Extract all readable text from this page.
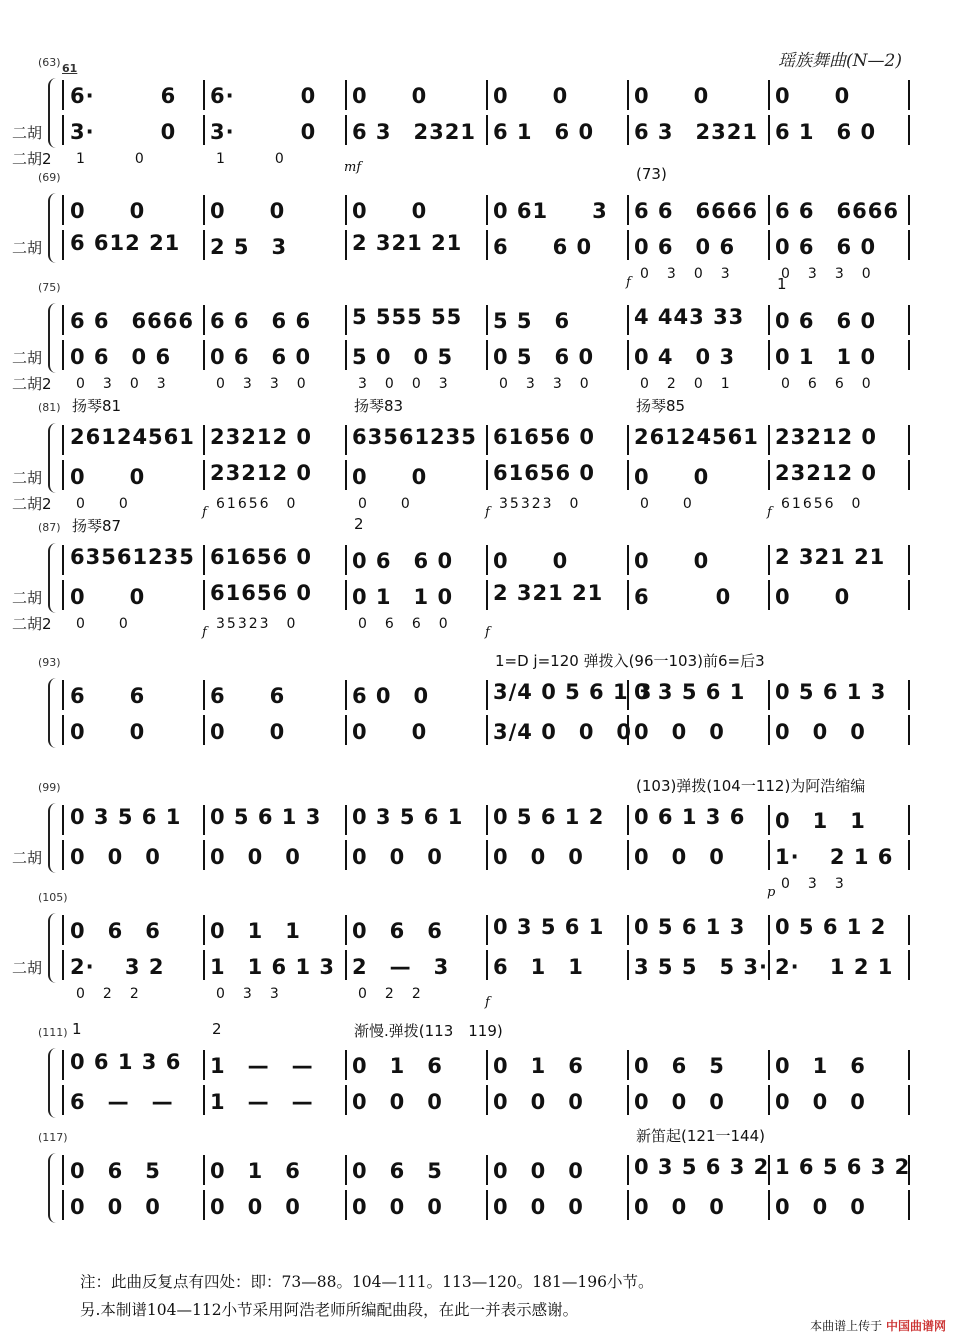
瑶族舞曲(N—2)
(63) 61
二胡
二胡2
6·　　　6 6·　　　0 0　　0	0　　0	0　　0	0　　0
3·　　　0 3·　　　0 6 3　2321 6 1　6 0 6 3　2321 6 1　6 0
1　　　0	1　　　0
mf
(69)
二胡
0　　0	0　　0	0　　0	0 61　　3 6 6　6666 6 6　6666
6 612 21 2 5　3	2 321 21 6　　6 0 0 6　0 6 0 6　6 0
0　3　0　3	0　3　3　0
f
(73)
(75)
二胡
二胡2
6 6　6666 6 6　6 6 5 555 55 5 5　6	4 443 33 0 6　6 0
0 6　0 6 0 6　6 0 5 0　0 5 0 5　6 0 0 4　0 3 0 1　1 0
0　3　0　3	0　3　3　0	3　0　0　3	0　3　3　0	0　2　0　1	0　6　6　0
1
(81)
二胡
二胡2
26124561 23212 0 63561235 61656 0 26124561 23212 0
0　　0	23212 0 0　　0	61656 0 0　　0	23212 0
0　　0	61656　0	0　　0	35323　0	0　　0	61656　0
f	f	f
扬琴81	扬琴83	扬琴85
(87)
二胡
二胡2
63561235 61656 0 0 6　6 0 0　　0	0　　0	2 321 21
0　　0	61656 0 0 1　1 0 2 321 21 6　　　0 0　　0
0　　0	35323　0	0　6　6　0
f	f
扬琴87	2
(93)
6　　6	6　　6	6 0　0	3/4 0 5 6 1 3
0 3 5 6 1 0 5 6 1 3
0　　0	0　　0	0　　0	3/4 0　0　0 0　0　0 0　0　0
1=D j=120 弹拨入(96一103)前6=后3
(99)
二胡
0 3 5 6 1 0 5 6 1 3 0 3 5 6 1 0 5 6 1 2 0 6 1 3 6 0　1　1
0　0　0 0　0　0 0　0　0 0　0　0 0　0　0 1·　 2 1 6
0　3　3
p
(103)弹拨(104一112)为阿浩缩编
(105)
二胡
0　6　6 0　1　1 0　6　6 0 3 5 6 1 0 5 6 1 3 0 5 6 1 2
2·　 3 2 1　1 6 1 3 2　—　3 6　1　1 3 5 5　5 3· 2·　 1 2 1
0　2　2	0　3　3	0　2　2
f
(111)
0 6 1 3 6 1　—　— 0　1　6 0　1　6 0　6　5 0　1　6
6　—　— 1　—　— 0　0　0 0　0　0 0　0　0 0　0　0
1	2	渐慢.弹拨(113　119)
(117)
0　6　5 0　1　6 0　6　5 0　0　0 0 3 5 6 3 2 1 6 5 6 3 2
0　0　0 0　0　0 0　0　0 0　0　0 0　0　0 0　0　0
新笛起(121一144)
注：此曲反复点有四处：即：73—88。104—111。113—120。181—196小节。
另.本制谱104—112小节采用阿浩老师所编配曲段，在此一并表示感谢。
本曲谱上传于 中国曲谱网
